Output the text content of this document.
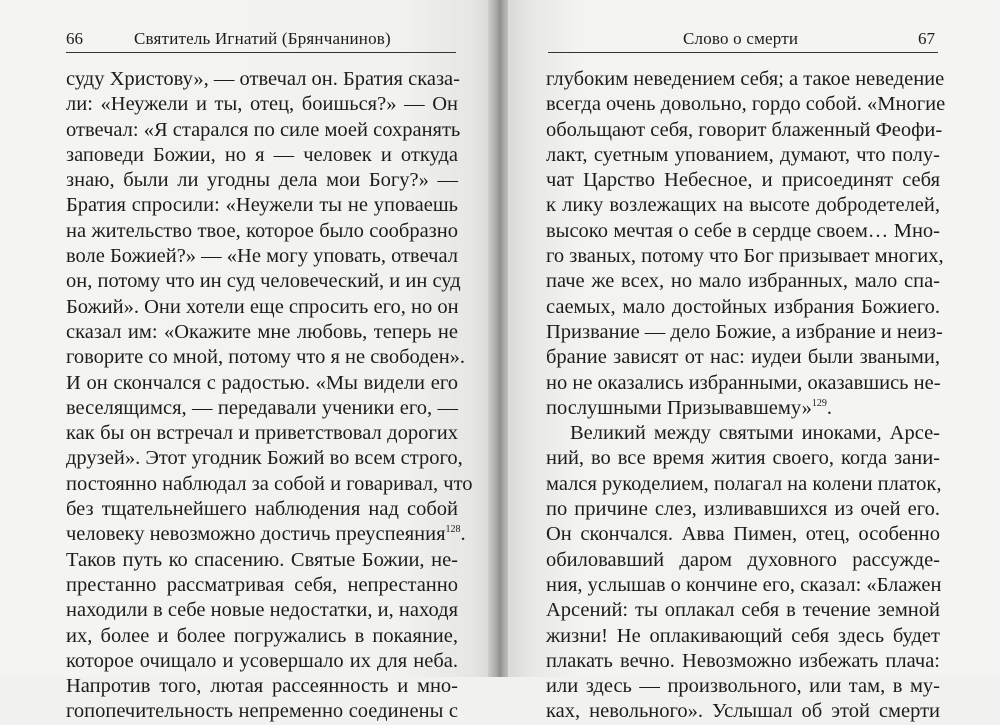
66	Святитель Игнатий (Брянчанинов)
суду Христову», — отвечал он. Братия сказа-
ли: «Неужели и ты, отец, боишься?» — Он
отвечал: «Я старался по силе моей сохранять
заповеди Божии, но я — человек и откуда
знаю, были ли угодны дела мои Богу?» —
Братия спросили: «Неужели ты не уповаешь
на жительство твое, которое было сообразно
воле Божией?» — «Не могу уповать, отвечал
он, потому что ин суд человеческий, и ин суд
Божий». Они хотели еще спросить его, но он
сказал им: «Окажите мне любовь, теперь не
говорите со мной, потому что я не свободен».
И он скончался с радостью. «Мы видели его
веселящимся, — передавали ученики его, —
как бы он встречал и приветствовал дорогих
друзей». Этот угодник Божий во всем строго,
постоянно наблюдал за собой и говаривал, что
без тщательнейшего наблюдения над собой
человеку невозможно достичь преуспеяния$^{128}$.
Таков путь ко спасению. Святые Божии, не-
престанно рассматривая себя, непрестанно
находили в себе новые недостатки, и, находя
их, более и более погружались в покаяние,
которое очищало и усовершало их для неба.
Напротив того, лютая рассеянность и мно-
гопопечительность непременно соединены с
Слово о смерти	67
глубоким неведением себя; а такое неведение
всегда очень довольно, гордо собой. «Многие
обольщают себя, говорит блаженный Феофи-
лакт, суетным упованием, думают, что полу-
чат Царство Небесное, и присоединят себя
к лику возлежащих на высоте добродетелей,
высоко мечтая о себе в сердце своем… Мно-
го званых, потому что Бог призывает многих,
паче же всех, но мало избранных, мало спа-
саемых, мало достойных избрания Божиего.
Призвание — дело Божие, а избрание и неиз-
брание зависят от нас: иудеи были зваными,
но не оказались избранными, оказавшись не-
послушными Призывавшему»$^{129}$.
Великий между святыми иноками, Арсе-
ний, во все время жития своего, когда зани-
мался рукоделием, полагал на колени платок,
по причине слез, изливавшихся из очей его.
Он скончался. Авва Пимен, отец, особенно
обиловавший даром духовного рассужде-
ния, услышав о кончине его, сказал: «Блажен
Арсений: ты оплакал себя в течение земной
жизни! Не оплакивающий себя здесь будет
плакать вечно. Невозможно избежать плача:
или здесь — произвольного, или там, в му-
ках, невольного». Услышал об этой смерти
